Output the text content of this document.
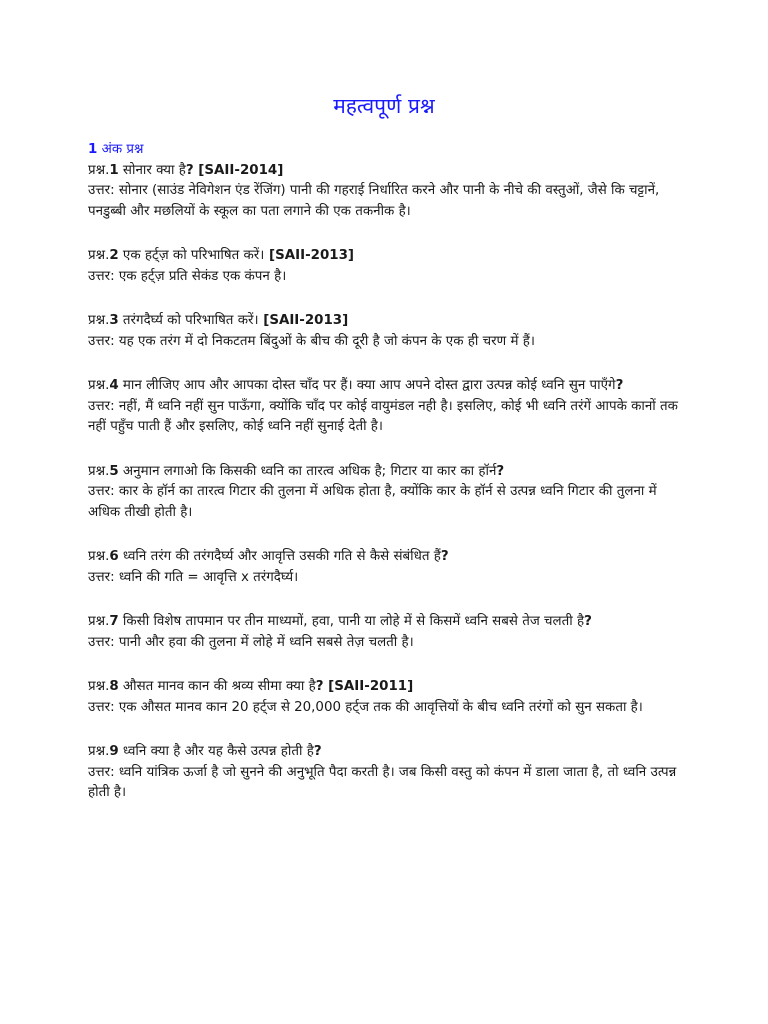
महत्वपूर्ण प्रश्न
1 अंक प्रश्न
प्रश्न.1 सोनार क्या है? [SAII-2014]
उत्तर: सोनार (साउंड नेविगेशन एंड रेंजिंग) पानी की गहराई निर्धारित करने और पानी के नीचे की वस्तुओं, जैसे कि चट्टानें, पनडुब्बी और मछलियों के स्कूल का पता लगाने की एक तकनीक है।
प्रश्न.2 एक हर्ट्ज़ को परिभाषित करें। [SAII-2013]
उत्तर: एक हर्ट्ज़ प्रति सेकंड एक कंपन है।
प्रश्न.3 तरंगदैर्घ्य को परिभाषित करें। [SAII-2013]
उत्तर: यह एक तरंग में दो निकटतम बिंदुओं के बीच की दूरी है जो कंपन के एक ही चरण में हैं।
प्रश्न.4 मान लीजिए आप और आपका दोस्त चाँद पर हैं। क्या आप अपने दोस्त द्वारा उत्पन्न कोई ध्वनि सुन पाएँगे?
उत्तर: नहीं, मैं ध्वनि नहीं सुन पाऊँगा, क्योंकि चाँद पर कोई वायुमंडल नही है। इसलिए, कोई भी ध्वनि तरंगें आपके कानों तक नहीं पहुँच पाती हैं और इसलिए, कोई ध्वनि नहीं सुनाई देती है।
प्रश्न.5 अनुमान लगाओ कि किसकी ध्वनि का तारत्व अधिक है; गिटार या कार का हॉर्न?
उत्तर: कार के हॉर्न का तारत्व गिटार की तुलना में अधिक होता है, क्योंकि कार के हॉर्न से उत्पन्न ध्वनि गिटार की तुलना में अधिक तीखी होती है।
प्रश्न.6 ध्वनि तरंग की तरंगदैर्घ्य और आवृत्ति उसकी गति से कैसे संबंधित हैं?
उत्तर: ध्वनि की गति = आवृत्ति x तरंगदैर्घ्य।
प्रश्न.7 किसी विशेष तापमान पर तीन माध्यमों, हवा, पानी या लोहे में से किसमें ध्वनि सबसे तेज चलती है?
उत्तर: पानी और हवा की तुलना में लोहे में ध्वनि सबसे तेज़ चलती है।
प्रश्न.8 औसत मानव कान की श्रव्य सीमा क्या है? [SAII-2011]
उत्तर: एक औसत मानव कान 20 हर्ट्ज से 20,000 हर्ट्ज तक की आवृत्तियों के बीच ध्वनि तरंगों को सुन सकता है।
प्रश्न.9 ध्वनि क्या है और यह कैसे उत्पन्न होती है?
उत्तर: ध्वनि यांत्रिक ऊर्जा है जो सुनने की अनुभूति पैदा करती है। जब किसी वस्तु को कंपन में डाला जाता है, तो ध्वनि उत्पन्न होती है।
